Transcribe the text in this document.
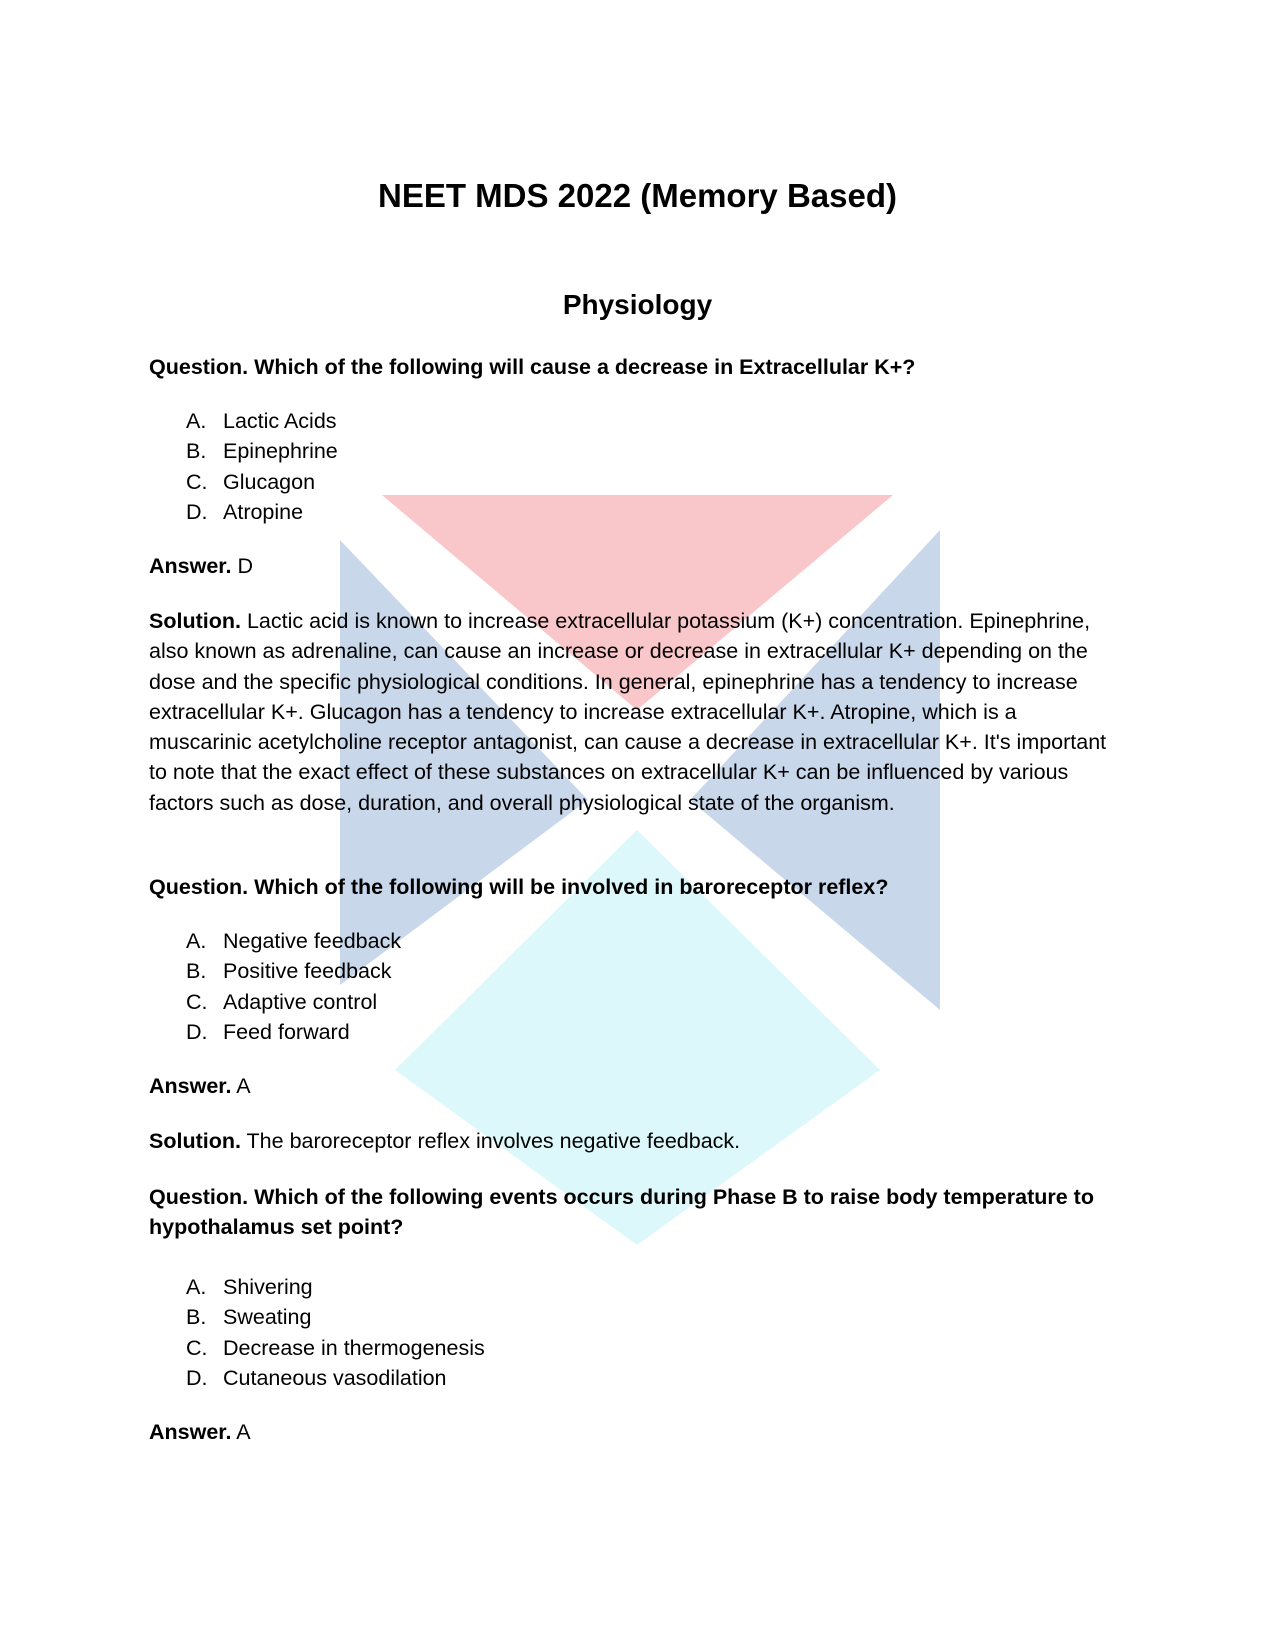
NEET MDS 2022 (Memory Based)
Physiology
Question. Which of the following will cause a decrease in Extracellular K+?
A. Lactic Acids
B. Epinephrine
C. Glucagon
D. Atropine
Answer. D
Solution. Lactic acid is known to increase extracellular potassium (K+) concentration. Epinephrine, also known as adrenaline, can cause an increase or decrease in extracellular K+ depending on the dose and the specific physiological conditions. In general, epinephrine has a tendency to increase extracellular K+. Glucagon has a tendency to increase extracellular K+. Atropine, which is a muscarinic acetylcholine receptor antagonist, can cause a decrease in extracellular K+. It's important to note that the exact effect of these substances on extracellular K+ can be influenced by various factors such as dose, duration, and overall physiological state of the organism.
Question. Which of the following will be involved in baroreceptor reflex?
A. Negative feedback
B. Positive feedback
C. Adaptive control
D. Feed forward
Answer. A
Solution. The baroreceptor reflex involves negative feedback.
Question. Which of the following events occurs during Phase B to raise body temperature to hypothalamus set point?
A. Shivering
B. Sweating
C. Decrease in thermogenesis
D. Cutaneous vasodilation
Answer. A
